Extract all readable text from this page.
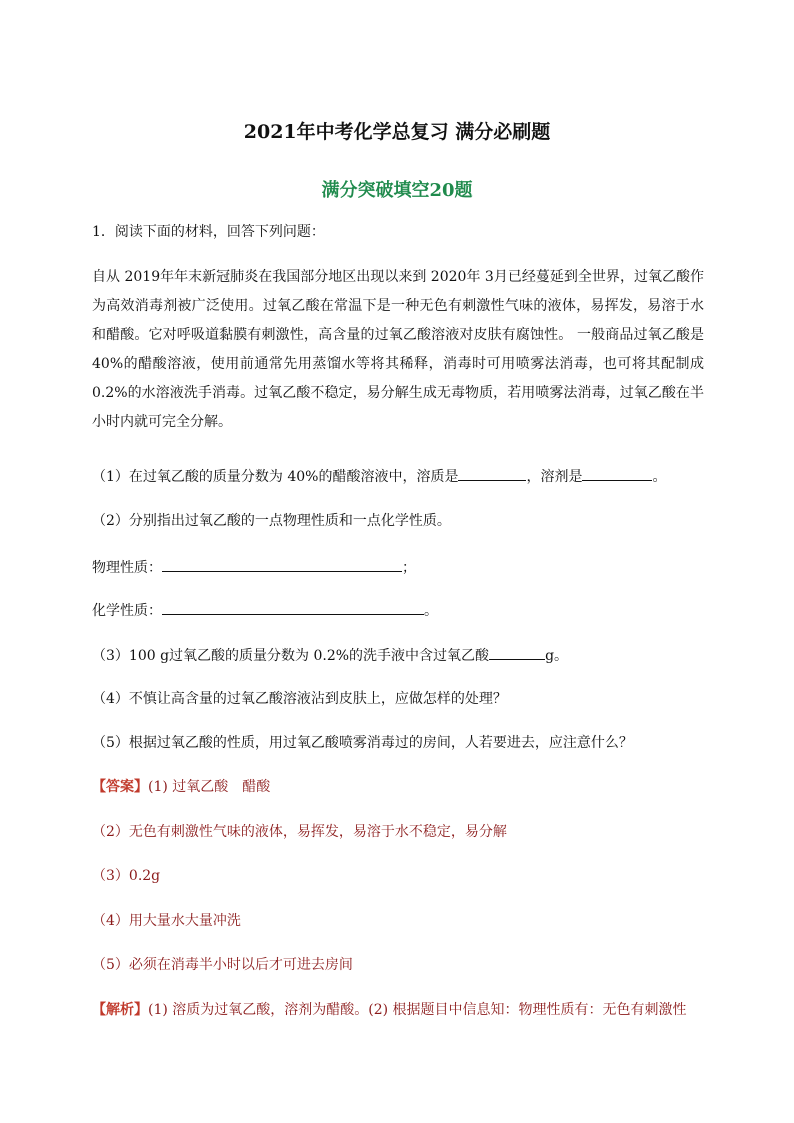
2021年中考化学总复习 满分必刷题
满分突破填空20题
1．阅读下面的材料，回答下列问题：
自从 2019年年末新冠肺炎在我国部分地区出现以来到 2020年 3月已经蔓延到全世界，过氧乙酸作为高效消毒剂被广泛使用。过氧乙酸在常温下是一种无色有刺激性气味的液体，易挥发，易溶于水和醋酸。它对呼吸道黏膜有刺激性，高含量的过氧乙酸溶液对皮肤有腐蚀性。 一般商品过氧乙酸是 40%的醋酸溶液，使用前通常先用蒸馏水等将其稀释，消毒时可用喷雾法消毒，也可将其配制成 0.2%的水溶液洗手消毒。过氧乙酸不稳定，易分解生成无毒物质，若用喷雾法消毒，过氧乙酸在半小时内就可完全分解。
（1）在过氧乙酸的质量分数为 40%的醋酸溶液中，溶质是	，溶剂是	。
（2）分别指出过氧乙酸的一点物理性质和一点化学性质。
物理性质：	；
化学性质：	。
（3）100 g过氧乙酸的质量分数为 0.2%的洗手液中含过氧乙酸	g。
（4）不慎让高含量的过氧乙酸溶液沾到皮肤上，应做怎样的处理？
（5）根据过氧乙酸的性质，用过氧乙酸喷雾消毒过的房间，人若要进去，应注意什么？
【答案】(1) 过氧乙酸　醋酸
（2）无色有刺激性气味的液体，易挥发，易溶于水不稳定，易分解
（3）0.2g
（4）用大量水大量冲洗
（5）必须在消毒半小时以后才可进去房间
【解析】(1) 溶质为过氧乙酸，溶剂为醋酸。(2) 根据题目中信息知：物理性质有：无色有刺激性
